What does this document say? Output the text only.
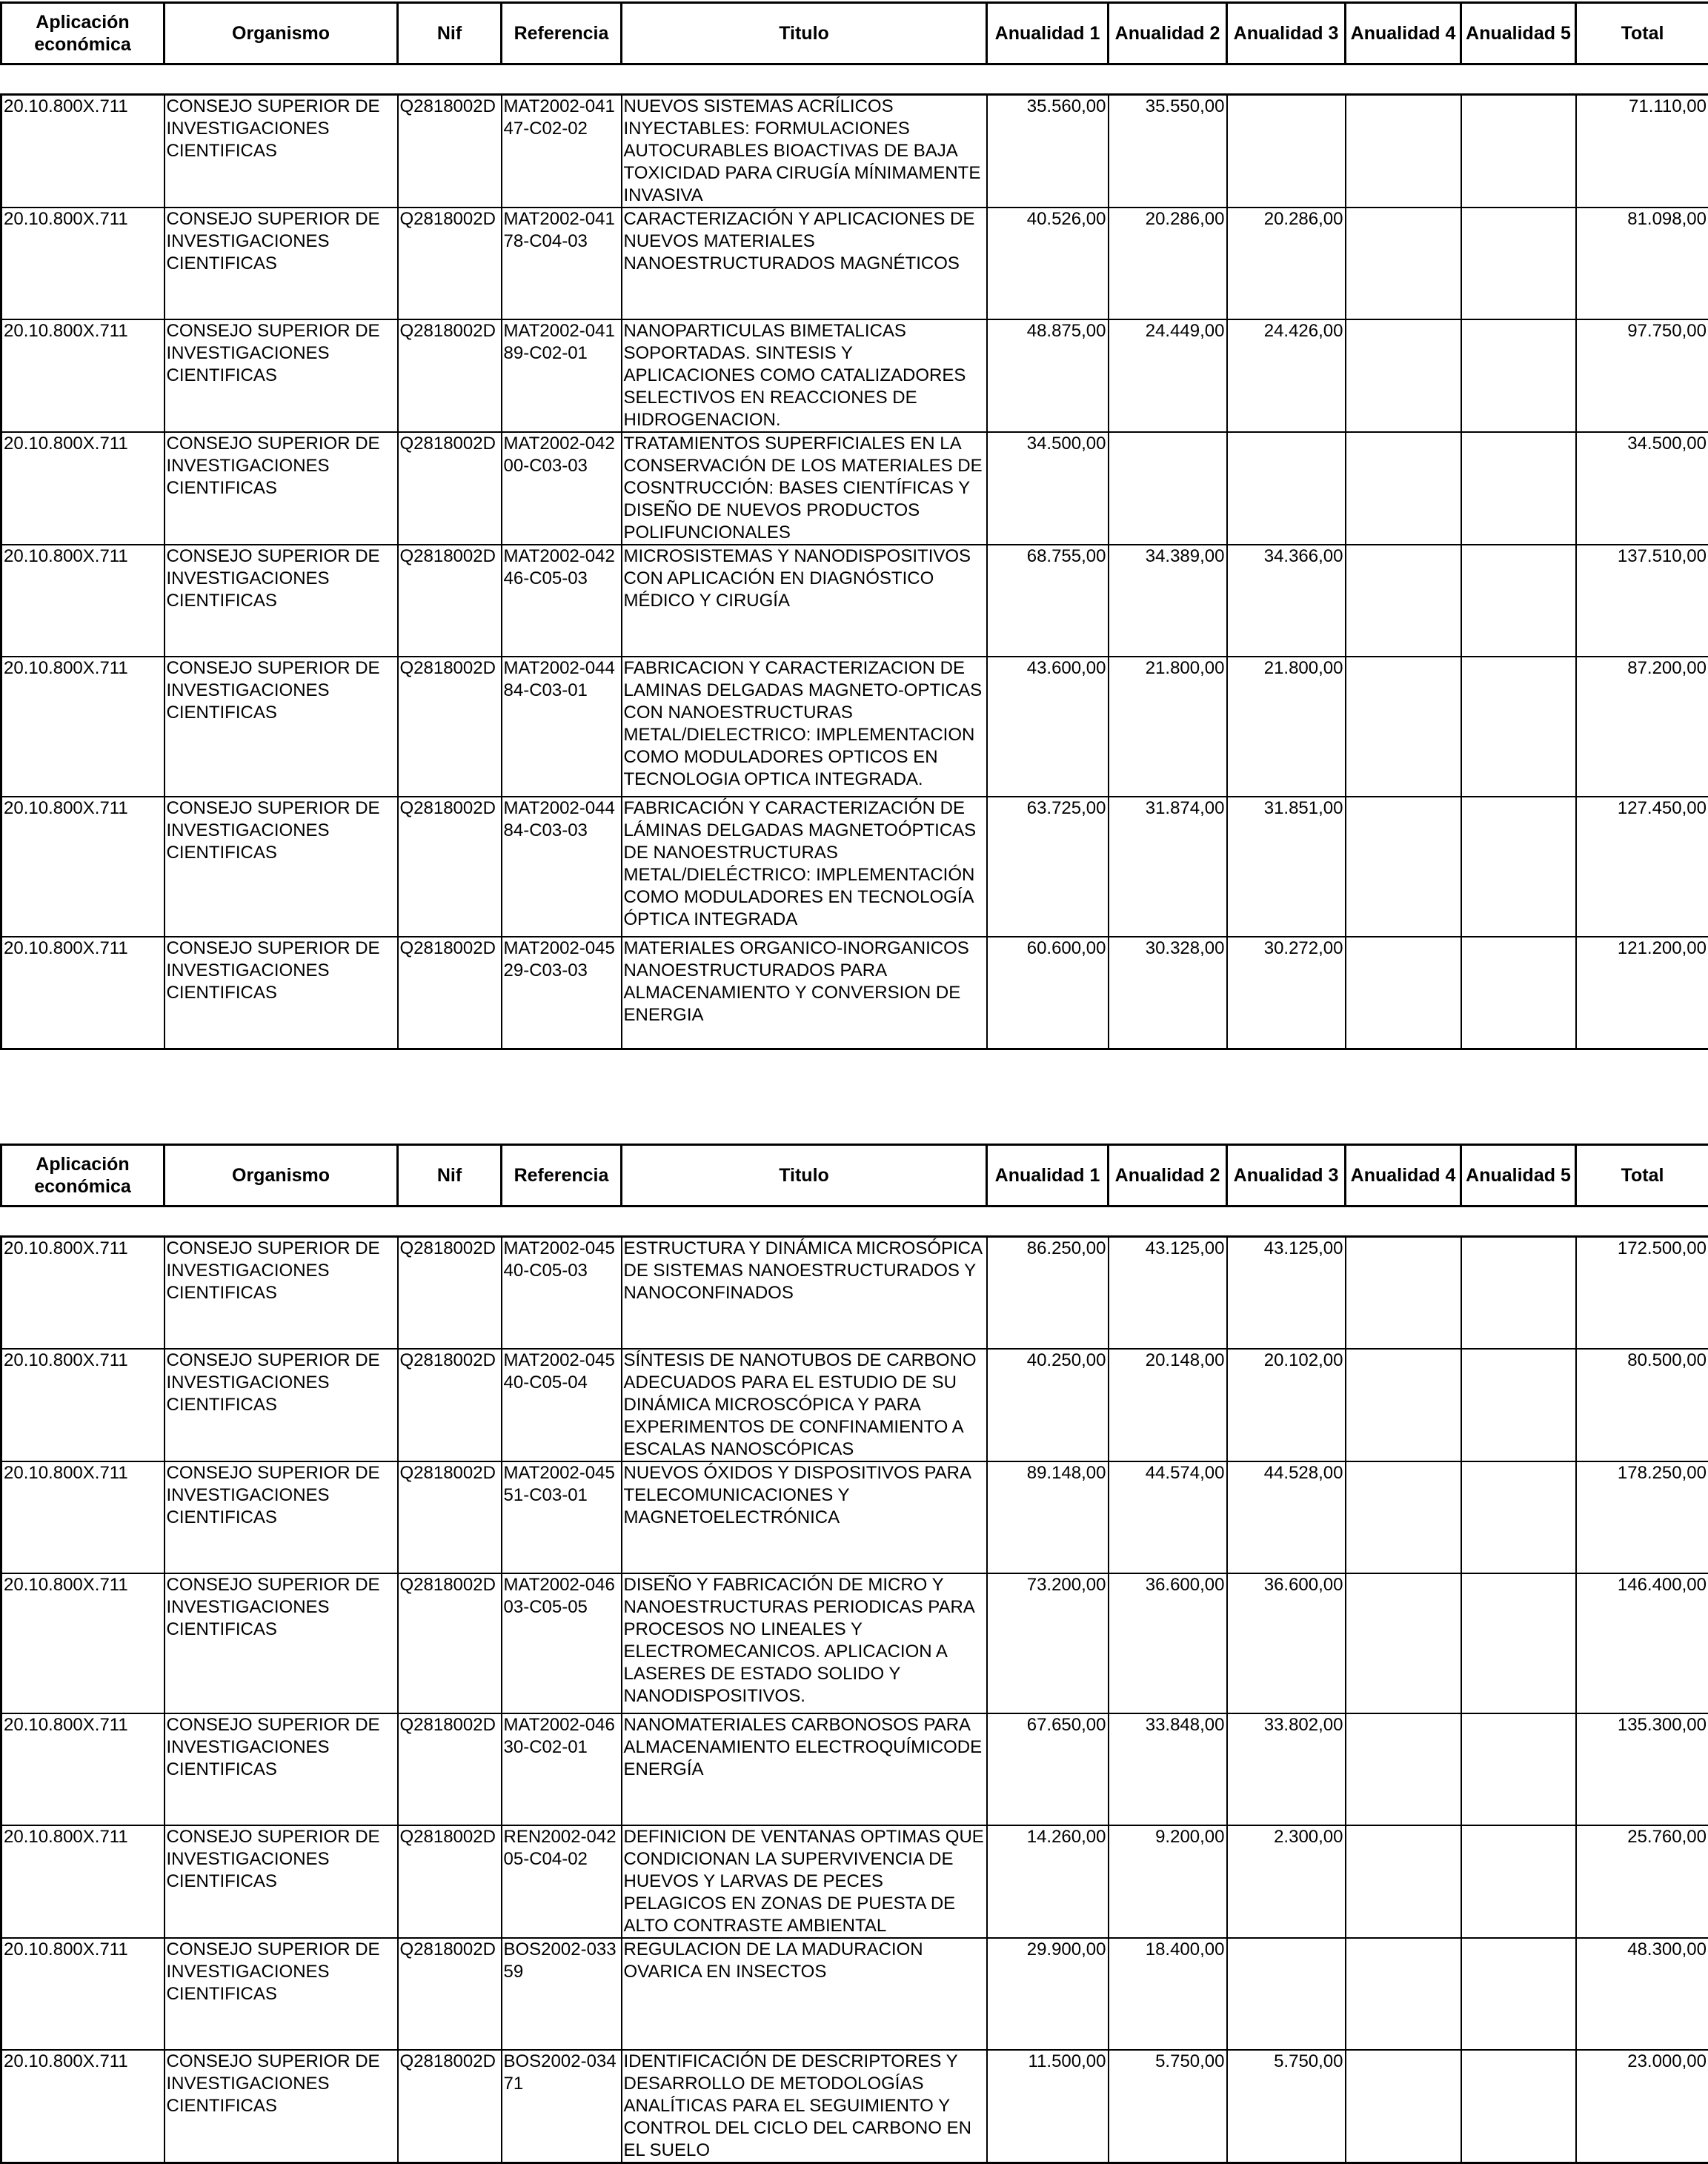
Aplicación económica	Organismo	Nif	Referencia	Titulo	Anualidad 1	Anualidad 2	Anualidad 3	Anualidad 4	Anualidad 5	Total
20.10.800X.711	CONSEJO SUPERIOR DE INVESTIGACIONES CIENTIFICAS	Q2818002D	MAT2002-04147-C02-02	NUEVOS SISTEMAS ACRÍLICOS INYECTABLES: FORMULACIONES AUTOCURABLES BIOACTIVAS DE BAJA TOXICIDAD PARA CIRUGÍA MÍNIMAMENTE INVASIVA	35.560,00	35.550,00				71.110,00
20.10.800X.711	CONSEJO SUPERIOR DE INVESTIGACIONES CIENTIFICAS	Q2818002D	MAT2002-04178-C04-03	CARACTERIZACIÓN Y APLICACIONES DE NUEVOS MATERIALES NANOESTRUCTURADOS MAGNÉTICOS	40.526,00	20.286,00	20.286,00			81.098,00
20.10.800X.711	CONSEJO SUPERIOR DE INVESTIGACIONES CIENTIFICAS	Q2818002D	MAT2002-04189-C02-01	NANOPARTICULAS BIMETALICAS SOPORTADAS. SINTESIS Y APLICACIONES COMO CATALIZADORES SELECTIVOS EN REACCIONES DE HIDROGENACION.	48.875,00	24.449,00	24.426,00			97.750,00
20.10.800X.711	CONSEJO SUPERIOR DE INVESTIGACIONES CIENTIFICAS	Q2818002D	MAT2002-04200-C03-03	TRATAMIENTOS SUPERFICIALES EN LA CONSERVACIÓN DE LOS MATERIALES DE COSNTRUCCIÓN: BASES CIENTÍFICAS Y DISEÑO DE NUEVOS PRODUCTOS POLIFUNCIONALES	34.500,00					34.500,00
20.10.800X.711	CONSEJO SUPERIOR DE INVESTIGACIONES CIENTIFICAS	Q2818002D	MAT2002-04246-C05-03	MICROSISTEMAS Y NANODISPOSITIVOS CON APLICACIÓN EN DIAGNÓSTICO MÉDICO Y CIRUGÍA	68.755,00	34.389,00	34.366,00			137.510,00
20.10.800X.711	CONSEJO SUPERIOR DE INVESTIGACIONES CIENTIFICAS	Q2818002D	MAT2002-04484-C03-01	FABRICACION Y CARACTERIZACION DE LAMINAS DELGADAS MAGNETO-OPTICAS CON NANOESTRUCTURAS METAL/DIELECTRICO: IMPLEMENTACION COMO MODULADORES OPTICOS EN TECNOLOGIA OPTICA INTEGRADA.	43.600,00	21.800,00	21.800,00			87.200,00
20.10.800X.711	CONSEJO SUPERIOR DE INVESTIGACIONES CIENTIFICAS	Q2818002D	MAT2002-04484-C03-03	FABRICACIÓN Y CARACTERIZACIÓN DE LÁMINAS DELGADAS MAGNETOÓPTICAS DE NANOESTRUCTURAS METAL/DIELÉCTRICO: IMPLEMENTACIÓN COMO MODULADORES EN TECNOLOGÍA ÓPTICA INTEGRADA	63.725,00	31.874,00	31.851,00			127.450,00
20.10.800X.711	CONSEJO SUPERIOR DE INVESTIGACIONES CIENTIFICAS	Q2818002D	MAT2002-04529-C03-03	MATERIALES ORGANICO-INORGANICOS NANOESTRUCTURADOS PARA ALMACENAMIENTO Y CONVERSION DE ENERGIA	60.600,00	30.328,00	30.272,00			121.200,00
Aplicación económica	Organismo	Nif	Referencia	Titulo	Anualidad 1	Anualidad 2	Anualidad 3	Anualidad 4	Anualidad 5	Total
20.10.800X.711	CONSEJO SUPERIOR DE INVESTIGACIONES CIENTIFICAS	Q2818002D	MAT2002-04540-C05-03	ESTRUCTURA Y DINÁMICA MICROSÓPICA DE SISTEMAS NANOESTRUCTURADOS Y NANOCONFINADOS	86.250,00	43.125,00	43.125,00			172.500,00
20.10.800X.711	CONSEJO SUPERIOR DE INVESTIGACIONES CIENTIFICAS	Q2818002D	MAT2002-04540-C05-04	SÍNTESIS DE NANOTUBOS DE CARBONO ADECUADOS PARA EL ESTUDIO DE SU DINÁMICA MICROSCÓPICA Y PARA EXPERIMENTOS DE CONFINAMIENTO A ESCALAS NANOSCÓPICAS	40.250,00	20.148,00	20.102,00			80.500,00
20.10.800X.711	CONSEJO SUPERIOR DE INVESTIGACIONES CIENTIFICAS	Q2818002D	MAT2002-04551-C03-01	NUEVOS ÓXIDOS Y DISPOSITIVOS PARA TELECOMUNICACIONES Y MAGNETOELECTRÓNICA	89.148,00	44.574,00	44.528,00			178.250,00
20.10.800X.711	CONSEJO SUPERIOR DE INVESTIGACIONES CIENTIFICAS	Q2818002D	MAT2002-04603-C05-05	DISEÑO Y FABRICACIÓN DE MICRO Y NANOESTRUCTURAS PERIODICAS PARA PROCESOS NO LINEALES Y ELECTROMECANICOS. APLICACION A LASERES DE ESTADO SOLIDO Y NANODISPOSITIVOS.	73.200,00	36.600,00	36.600,00			146.400,00
20.10.800X.711	CONSEJO SUPERIOR DE INVESTIGACIONES CIENTIFICAS	Q2818002D	MAT2002-04630-C02-01	NANOMATERIALES CARBONOSOS PARA ALMACENAMIENTO ELECTROQUÍMICODE ENERGÍA	67.650,00	33.848,00	33.802,00			135.300,00
20.10.800X.711	CONSEJO SUPERIOR DE INVESTIGACIONES CIENTIFICAS	Q2818002D	REN2002-04205-C04-02	DEFINICION DE VENTANAS OPTIMAS QUE CONDICIONAN LA SUPERVIVENCIA DE HUEVOS Y LARVAS DE PECES PELAGICOS EN ZONAS DE PUESTA DE ALTO CONTRASTE AMBIENTAL	14.260,00	9.200,00	2.300,00			25.760,00
20.10.800X.711	CONSEJO SUPERIOR DE INVESTIGACIONES CIENTIFICAS	Q2818002D	BOS2002-03359	REGULACION DE LA MADURACION OVARICA EN INSECTOS	29.900,00	18.400,00				48.300,00
20.10.800X.711	CONSEJO SUPERIOR DE INVESTIGACIONES CIENTIFICAS	Q2818002D	BOS2002-03471	IDENTIFICACIÓN DE DESCRIPTORES Y DESARROLLO DE METODOLOGÍAS ANALÍTICAS PARA EL SEGUIMIENTO Y CONTROL DEL CICLO DEL CARBONO EN EL SUELO	11.500,00	5.750,00	5.750,00			23.000,00
